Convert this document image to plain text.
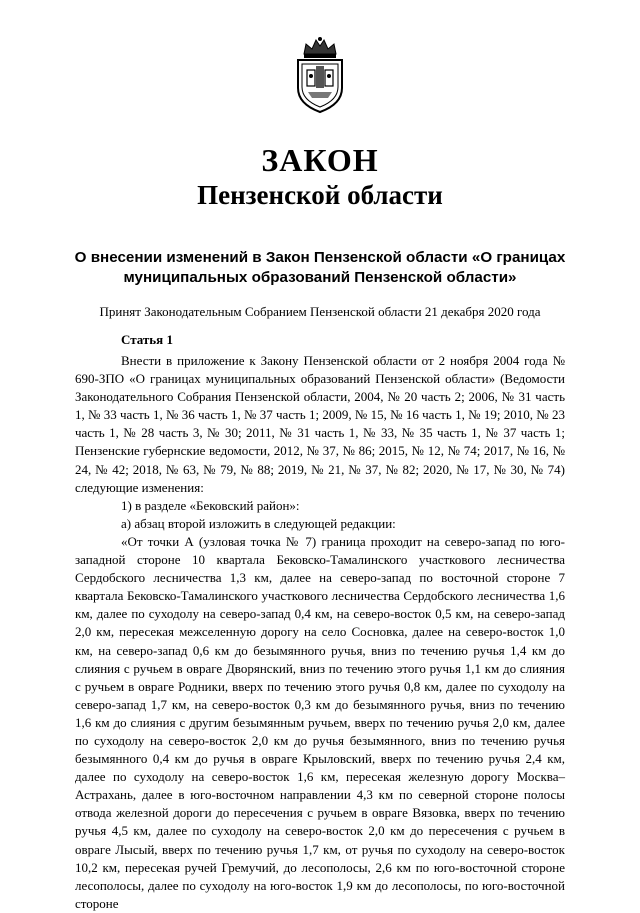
ЗАКОН
Пензенской области
О внесении изменений в Закон Пензенской области «О границах муниципальных образований Пензенской области»
Принят Законодательным Собранием Пензенской области 21 декабря 2020 года
Статья 1

Внести в приложение к Закону Пензенской области от 2 ноября 2004 года № 690-ЗПО «О границах муниципальных образований Пензенской области» (Ведомости Законодательного Собрания Пензенской области, 2004, № 20 часть 2; 2006, № 31 часть 1, № 33 часть 1, № 36 часть 1, № 37 часть 1; 2009, № 15, № 16 часть 1, № 19; 2010, № 23 часть 1, № 28 часть 3, № 30; 2011, № 31 часть 1, № 33, № 35 часть 1, № 37 часть 1; Пензенские губернские ведомости, 2012, № 37, № 86; 2015, № 12, № 74; 2017, № 16, № 24, № 42; 2018, № 63, № 79, № 88; 2019, № 21, № 37, № 82; 2020, № 17, № 30, № 74) следующие изменения:

1) в разделе «Бековский район»:

а) абзац второй изложить в следующей редакции:

«От точки А (узловая точка № 7) граница проходит на северо-запад по юго-западной стороне 10 квартала Бековско-Тамалинского участкового лесничества Сердобского лесничества 1,3 км, далее на северо-запад по восточной стороне 7 квартала Бековско-Тамалинского участкового лесничества Сердобского лесничества 1,6 км, далее по суходолу на северо-запад 0,4 км, на северо-восток 0,5 км, на северо-запад 2,0 км, пересекая межселенную дорогу на село Сосновка, далее на северо-восток 1,0 км, на северо-запад 0,6 км до безымянного ручья, вниз по течению ручья 1,4 км до слияния с ручьем в овраге Дворянский, вниз по течению этого ручья 1,1 км до слияния с ручьем в овраге Родники, вверх по течению этого ручья 0,8 км, далее по суходолу на северо-запад 1,7 км, на северо-восток 0,3 км до безымянного ручья, вниз по течению 1,6 км до слияния с другим безымянным ручьем, вверх по течению ручья 2,0 км, далее по суходолу на северо-восток 2,0 км до ручья безымянного, вниз по течению ручья безымянного 0,4 км до ручья в овраге Крыловский, вверх по течению ручья 2,4 км, далее по суходолу на северо-восток 1,6 км, пересекая железную дорогу Москва–Астрахань, далее в юго-восточном направлении 4,3 км по северной стороне полосы отвода железной дороги до пересечения с ручьем в овраге Вязовка, вверх по течению ручья 4,5 км, далее по суходолу на северо-восток 2,0 км до пересечения с ручьем в овраге Лысый, вверх по течению ручья 1,7 км, от ручья по суходолу на северо-восток 10,2 км, пересекая ручей Гремучий, до лесополосы, 2,6 км по юго-восточной стороне лесополосы, далее по суходолу на юго-восток 1,9 км до лесополосы, по юго-восточной стороне
